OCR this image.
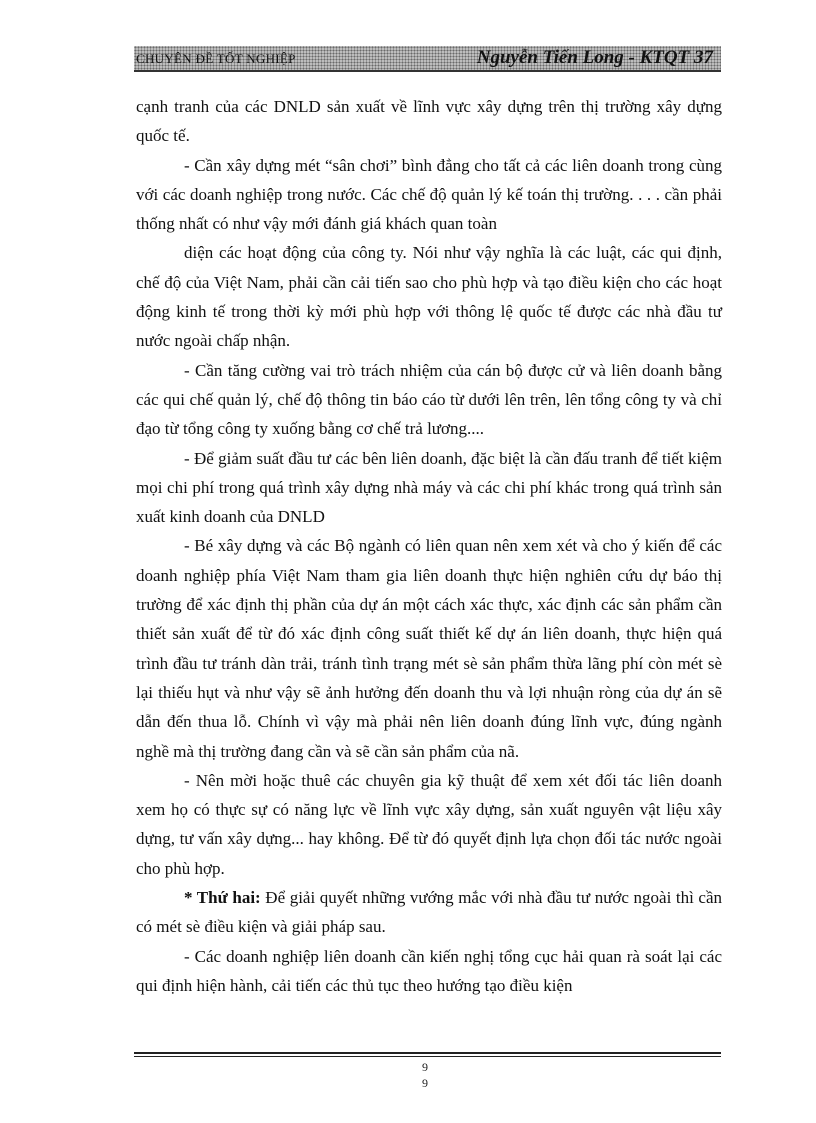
CHUYÊN ĐỀ TỐT NGHIỆP	Nguyễn Tiến Long - KTQT 37

cạnh tranh của các DNLD sản xuất về lĩnh vực xây dựng trên thị trường xây dựng quốc tế.

- Cần xây dựng mét “sân chơi” bình đẳng cho tất cả các liên doanh trong cùng với các doanh nghiệp trong nước. Các chế độ quản lý kế toán thị trường. . . . cần phải thống nhất có như vậy mới đánh giá khách quan toàn

diện các hoạt động của công ty. Nói như vậy nghĩa là các luật, các qui định, chế độ của Việt Nam, phải cần cải tiến sao cho phù hợp và tạo điều kiện cho các hoạt động kinh tế trong thời kỳ mới phù hợp với thông lệ quốc tế được các nhà đầu tư nước ngoài chấp nhận.

- Cần tăng cường vai trò trách nhiệm của cán bộ được cử và liên doanh bằng các qui chế quản lý, chế độ thông tin báo cáo từ dưới lên trên, lên tổng công ty và chỉ đạo từ tổng công ty xuống bằng cơ chế trả lương....

- Để giảm suất đầu tư các bên liên doanh, đặc biệt là cần đấu tranh để tiết kiệm mọi chi phí trong quá trình xây dựng nhà máy và các chi phí khác trong quá trình sản xuất kinh doanh của DNLD

- Bé xây dựng và các Bộ ngành có liên quan nên xem xét và cho ý kiến để các doanh nghiệp phía Việt Nam tham gia liên doanh thực hiện nghiên cứu dự báo thị trường để xác định thị phần của dự án một cách xác thực, xác định các sản phẩm cần thiết sản xuất để từ đó xác định công suất thiết kế dự án liên doanh, thực hiện quá trình đầu tư tránh dàn trải, tránh tình trạng mét sè sản phẩm thừa lãng phí còn mét sè lại thiếu hụt và như vậy sẽ ảnh hưởng đến doanh thu và lợi nhuận ròng của dự án sẽ dẫn đến thua lỗ. Chính vì vậy mà phải nên liên doanh đúng lĩnh vực, đúng ngành nghề mà thị trường đang cần và sẽ cần sản phẩm của nã.

- Nên mời hoặc thuê các chuyên gia kỹ thuật để xem xét đối tác liên doanh xem họ có thực sự có năng lực về lĩnh vực xây dựng, sản xuất nguyên vật liệu xây dựng, tư vấn xây dựng... hay không. Để từ đó quyết định lựa chọn đối tác nước ngoài cho phù hợp.

* Thứ hai: Để giải quyết những vướng mắc với nhà đầu tư nước ngoài thì cần có mét sè điều kiện và giải pháp sau.

- Các doanh nghiệp liên doanh cần kiến nghị tổng cục hải quan rà soát lại các qui định hiện hành, cải tiến các thủ tục theo hướng tạo điều kiện

9
9
